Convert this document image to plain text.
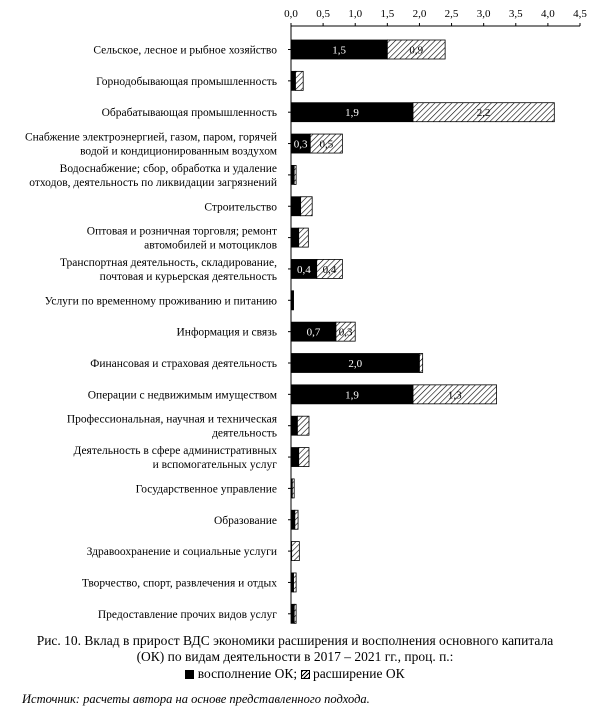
0,0 0,5 1,0 1,5 2,0 2,5 3,0 3,5 4,0 4,5
1,5	0,9
1,9	2,2
0,3 0,5
0,4 0,4
0,7 0,3
2,0
1,9	1,3
Сельское, лесное и рыбное хозяйство
Горнодобывающая промышленность
Обрабатывающая промышленность
Снабжение электроэнергией, газом, паром, горячей
водой и кондиционированным воздухом
Водоснабжение; сбор, обработка и удаление
отходов, деятельность по ликвидации загрязнений
Строительство
Оптовая и розничная торговля; ремонт
автомобилей и мотоциклов
Транспортная деятельность, складирование,
почтовая и курьерская деятельность
Услуги по временному проживанию и питанию
Информация и связь
Финансовая и страховая деятельность
Операции с недвижимым имуществом
Профессиональная, научная и техническая
деятельность
Деятельность в сфере административных
и вспомогательных услуг
Государственное управление
Образование
Здравоохранение и социальные услуги
Творчество, спорт, развлечения и отдых
Предоставление прочих видов услуг
Рис. 10. Вклад в прирост ВДС экономики расширения и восполнения основного капитала
(ОК) по видам деятельности в 2017 – 2021 гг., проц. п.:
восполнение ОК; расширение ОК
Источник: расчеты автора на основе представленного подхода.
